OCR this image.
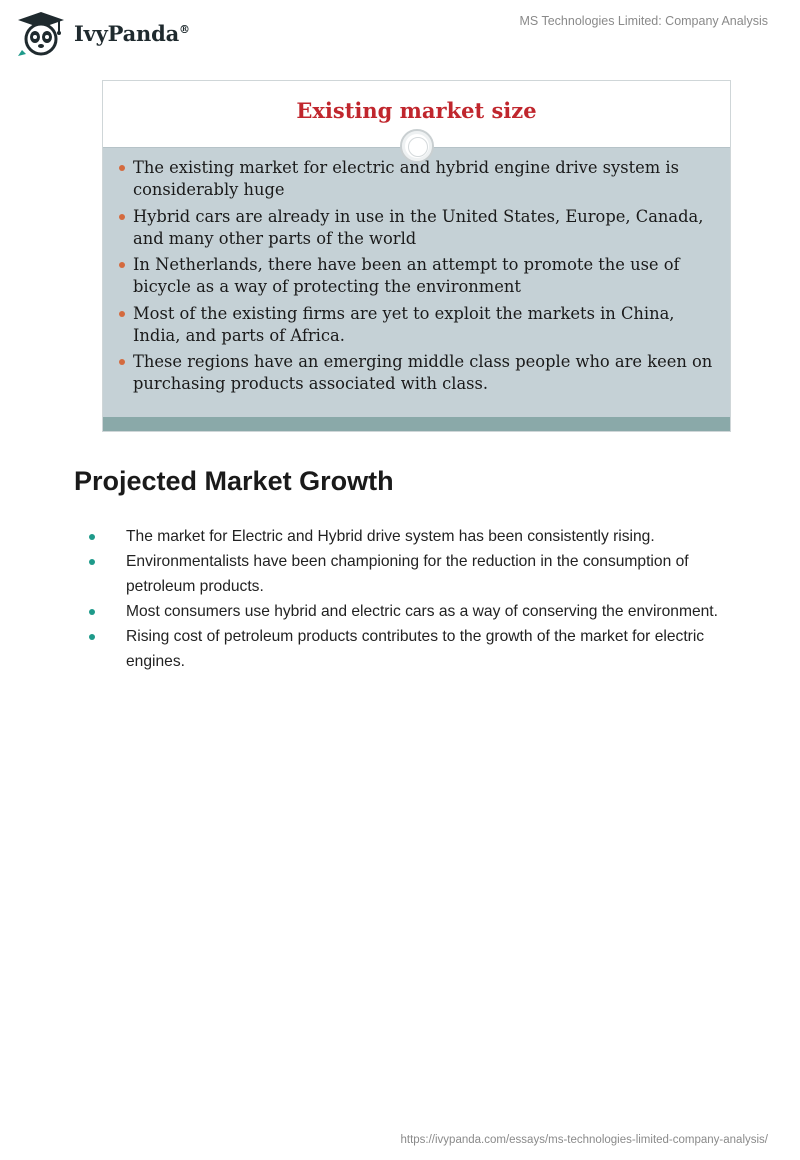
IvyPanda®
MS Technologies Limited: Company Analysis
Existing market size
The existing market for electric and hybrid engine drive system is considerably huge
Hybrid cars are already in use in the United States, Europe, Canada, and many other parts of the world
In Netherlands, there have been an attempt to promote the use of bicycle as a way of protecting the environment
Most of the existing firms are yet to exploit the markets in China, India, and parts of Africa.
These regions have an emerging middle class people who are keen on purchasing products associated with class.
Projected Market Growth
The market for Electric and Hybrid drive system has been consistently rising.
Environmentalists have been championing for the reduction in the consumption of petroleum products.
Most consumers use hybrid and electric cars as a way of conserving the environment.
Rising cost of petroleum products contributes to the growth of the market for electric engines.
https://ivypanda.com/essays/ms-technologies-limited-company-analysis/
